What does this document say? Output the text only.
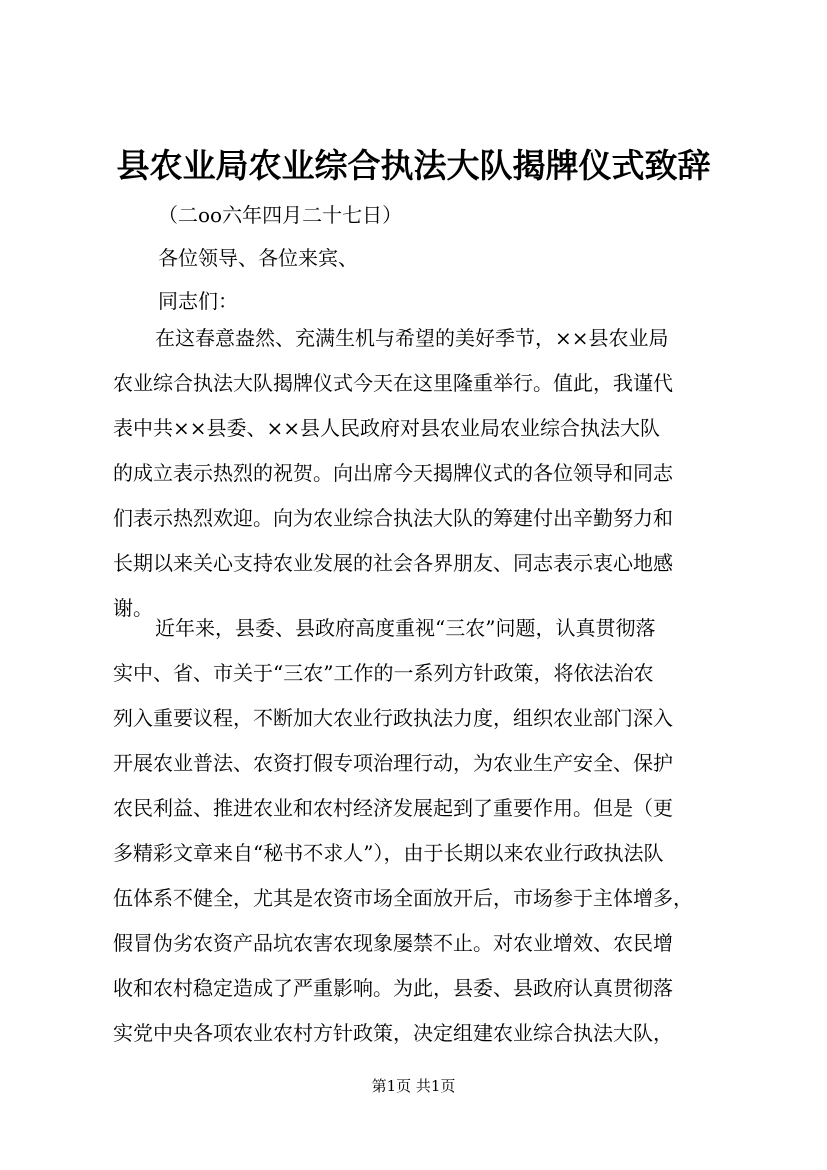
县农业局农业综合执法大队揭牌仪式致辞
（二oo六年四月二十七日）
各位领导、各位来宾、
同志们：
在这春意盎然、充满生机与希望的美好季节，××县农业局
农业综合执法大队揭牌仪式今天在这里隆重举行。值此，我谨代
表中共××县委、××县人民政府对县农业局农业综合执法大队
的成立表示热烈的祝贺。向出席今天揭牌仪式的各位领导和同志
们表示热烈欢迎。向为农业综合执法大队的筹建付出辛勤努力和
长期以来关心支持农业发展的社会各界朋友、同志表示衷心地感
谢。
近年来，县委、县政府高度重视“三农”问题，认真贯彻落
实中、省、市关于“三农”工作的一系列方针政策，将依法治农
列入重要议程，不断加大农业行政执法力度，组织农业部门深入
开展农业普法、农资打假专项治理行动，为农业生产安全、保护
农民利益、推进农业和农村经济发展起到了重要作用。但是（更
多精彩文章来自“秘书不求人”），由于长期以来农业行政执法队
伍体系不健全，尤其是农资市场全面放开后，市场参于主体增多，
假冒伪劣农资产品坑农害农现象屡禁不止。对农业增效、农民增
收和农村稳定造成了严重影响。为此，县委、县政府认真贯彻落
实党中央各项农业农村方针政策，决定组建农业综合执法大队，
第1页 共1页
